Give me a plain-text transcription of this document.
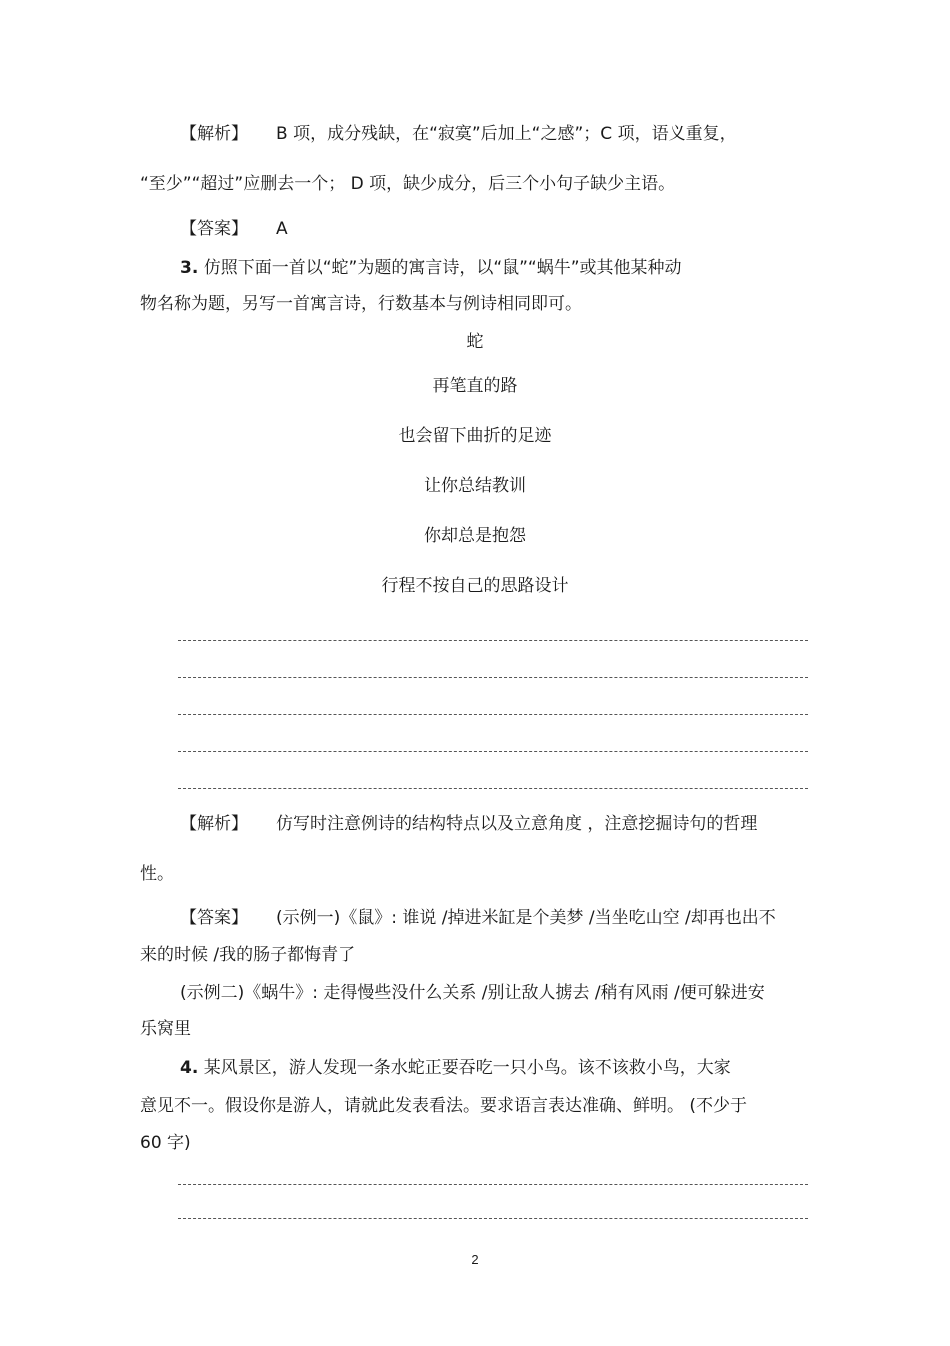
【解析】 B 项，成分残缺，在“寂寞”后加上“之感”；C 项，语义重复，
“至少”“超过”应删去一个； D 项，缺少成分，后三个小句子缺少主语。
【答案】 A
3. 仿照下面一首以“蛇”为题的寓言诗，以“鼠”“蜗牛”或其他某种动
物名称为题，另写一首寓言诗，行数基本与例诗相同即可。
蛇
再笔直的路
也会留下曲折的足迹
让你总结教训
你却总是抱怨
行程不按自己的思路设计
【解析】 仿写时注意例诗的结构特点以及立意角度 ，注意挖掘诗句的哲理
性。
【答案】 (示例一)《鼠》: 谁说 /掉进米缸是个美梦 /当坐吃山空 /却再也出不
来的时候 /我的肠子都悔青了
(示例二)《蜗牛》: 走得慢些没什么关系 /别让敌人掳去 /稍有风雨 /便可躲进安
乐窝里
4. 某风景区，游人发现一条水蛇正要吞吃一只小鸟。该不该救小鸟，大家
意见不一。假设你是游人，请就此发表看法。要求语言表达准确、鲜明。 (不少于
60 字)
2
